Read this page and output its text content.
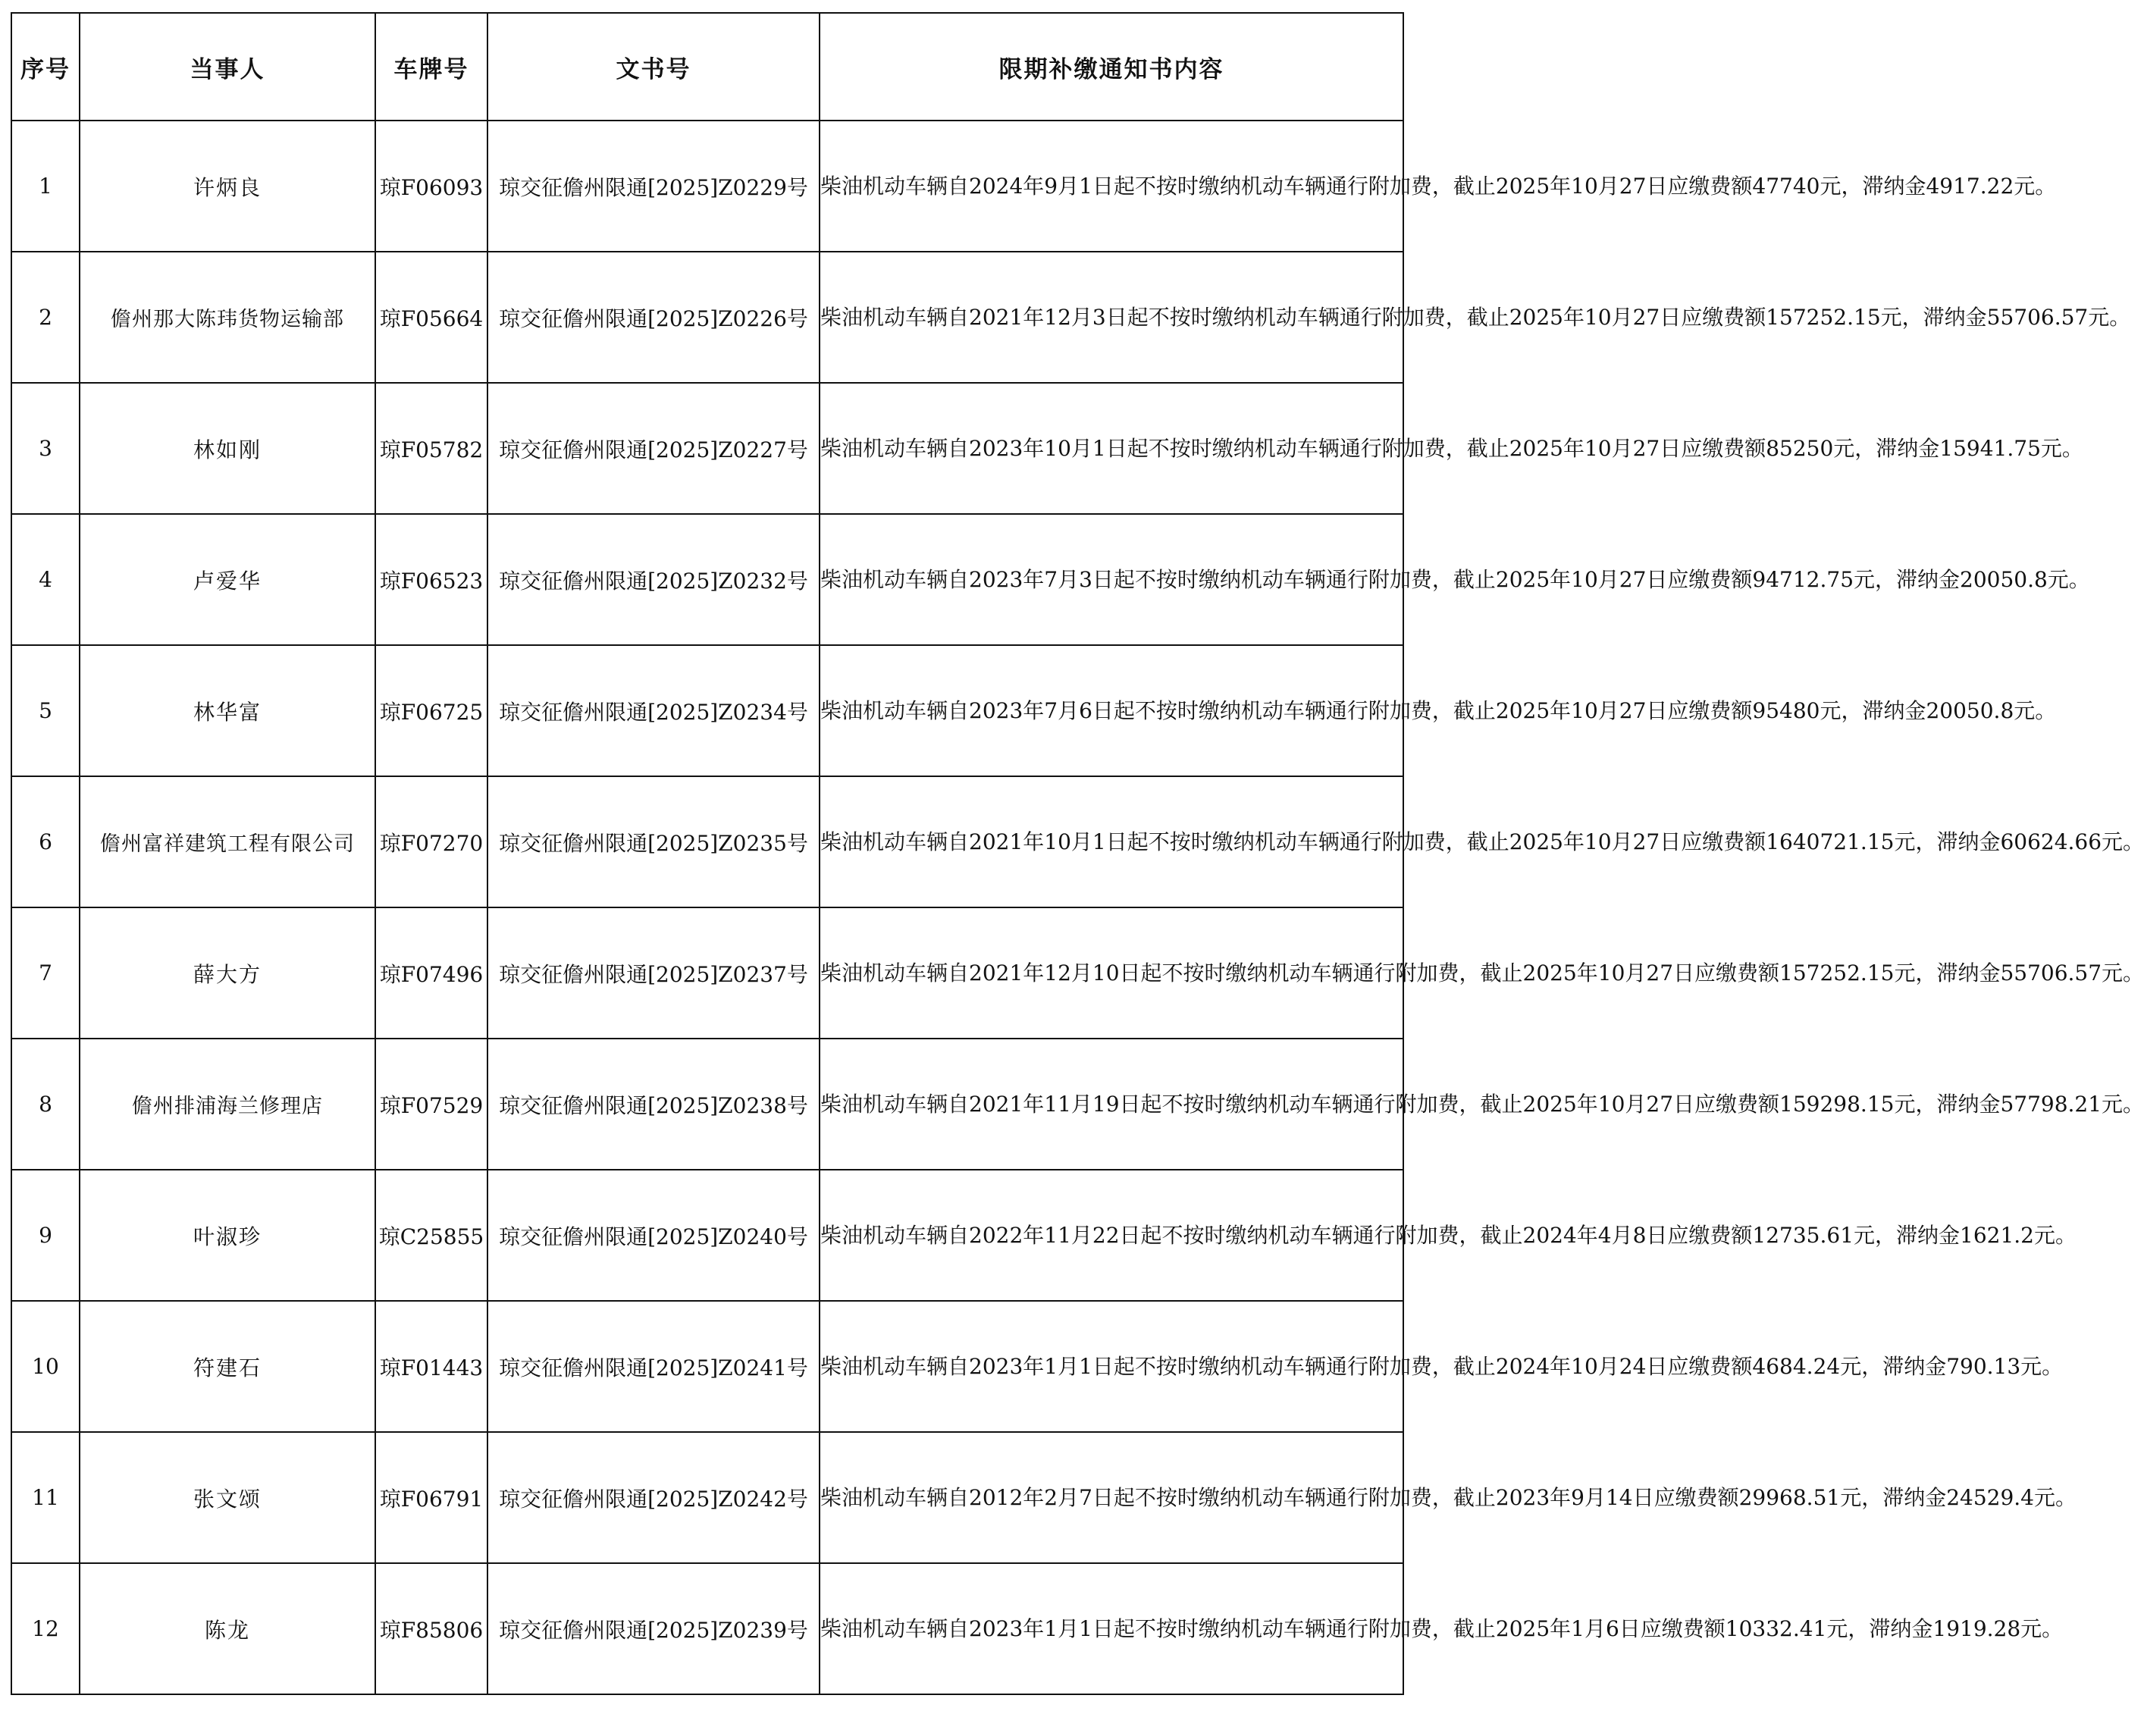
序号	当事人	车牌号	文书号	限期补缴通知书内容
1	许炳良	琼F06093	琼交征儋州限通[2025]Z0229号	柴油机动车辆自2024年9月1日起不按时缴纳机动车辆通行附加费，截止2025年10月27日应缴费额47740元，滞纳金4917.22元。
2	儋州那大陈玮货物运输部	琼F05664	琼交征儋州限通[2025]Z0226号	柴油机动车辆自2021年12月3日起不按时缴纳机动车辆通行附加费，截止2025年10月27日应缴费额157252.15元，滞纳金55706.57元。
3	林如刚	琼F05782	琼交征儋州限通[2025]Z0227号	柴油机动车辆自2023年10月1日起不按时缴纳机动车辆通行附加费，截止2025年10月27日应缴费额85250元，滞纳金15941.75元。
4	卢爱华	琼F06523	琼交征儋州限通[2025]Z0232号	柴油机动车辆自2023年7月3日起不按时缴纳机动车辆通行附加费，截止2025年10月27日应缴费额94712.75元，滞纳金20050.8元。
5	林华富	琼F06725	琼交征儋州限通[2025]Z0234号	柴油机动车辆自2023年7月6日起不按时缴纳机动车辆通行附加费，截止2025年10月27日应缴费额95480元，滞纳金20050.8元。
6	儋州富祥建筑工程有限公司	琼F07270	琼交征儋州限通[2025]Z0235号	柴油机动车辆自2021年10月1日起不按时缴纳机动车辆通行附加费，截止2025年10月27日应缴费额1640721.15元，滞纳金60624.66元。
7	薛大方	琼F07496	琼交征儋州限通[2025]Z0237号	柴油机动车辆自2021年12月10日起不按时缴纳机动车辆通行附加费，截止2025年10月27日应缴费额157252.15元，滞纳金55706.57元。
8	儋州排浦海兰修理店	琼F07529	琼交征儋州限通[2025]Z0238号	柴油机动车辆自2021年11月19日起不按时缴纳机动车辆通行附加费，截止2025年10月27日应缴费额159298.15元，滞纳金57798.21元。
9	叶淑珍	琼C25855	琼交征儋州限通[2025]Z0240号	柴油机动车辆自2022年11月22日起不按时缴纳机动车辆通行附加费，截止2024年4月8日应缴费额12735.61元，滞纳金1621.2元。
10	符建石	琼F01443	琼交征儋州限通[2025]Z0241号	柴油机动车辆自2023年1月1日起不按时缴纳机动车辆通行附加费，截止2024年10月24日应缴费额4684.24元，滞纳金790.13元。
11	张文颂	琼F06791	琼交征儋州限通[2025]Z0242号	柴油机动车辆自2012年2月7日起不按时缴纳机动车辆通行附加费，截止2023年9月14日应缴费额29968.51元，滞纳金24529.4元。
12	陈龙	琼F85806	琼交征儋州限通[2025]Z0239号	柴油机动车辆自2023年1月1日起不按时缴纳机动车辆通行附加费，截止2025年1月6日应缴费额10332.41元，滞纳金1919.28元。
